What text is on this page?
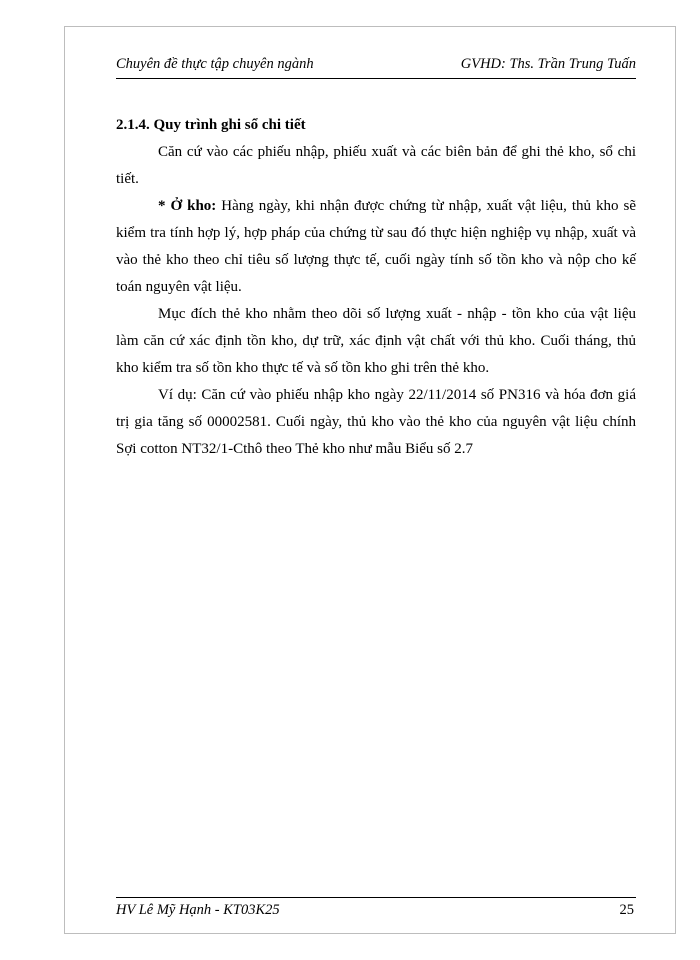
Chuyên đề thực tập chuyên ngành	GVHD: Ths. Trần Trung Tuấn

2.1.4. Quy trình ghi sổ chi tiết

Căn cứ vào các phiếu nhập, phiếu xuất và các biên bản để ghi thẻ kho, sổ chi tiết.

* Ở kho: Hàng ngày, khi nhận được chứng từ nhập, xuất vật liệu, thủ kho sẽ kiểm tra tính hợp lý, hợp pháp của chứng từ sau đó thực hiện nghiệp vụ nhập, xuất và vào thẻ kho theo chỉ tiêu số lượng thực tế, cuối ngày tính số tồn kho và nộp cho kế toán nguyên vật liệu.

Mục đích thẻ kho nhằm theo dõi số lượng xuất - nhập - tồn kho của vật liệu làm căn cứ xác định tồn kho, dự trữ, xác định vật chất với thủ kho. Cuối tháng, thủ kho kiểm tra số tồn kho thực tế và số tồn kho ghi trên thẻ kho.

Ví dụ: Căn cứ vào phiếu nhập kho ngày 22/11/2014 số PN316 và hóa đơn giá trị gia tăng số 00002581. Cuối ngày, thủ kho vào thẻ kho của nguyên vật liệu chính Sợi cotton NT32/1-Cthô theo Thẻ kho như mẫu Biểu số 2.7

HV Lê Mỹ Hạnh - KT03K25	25
